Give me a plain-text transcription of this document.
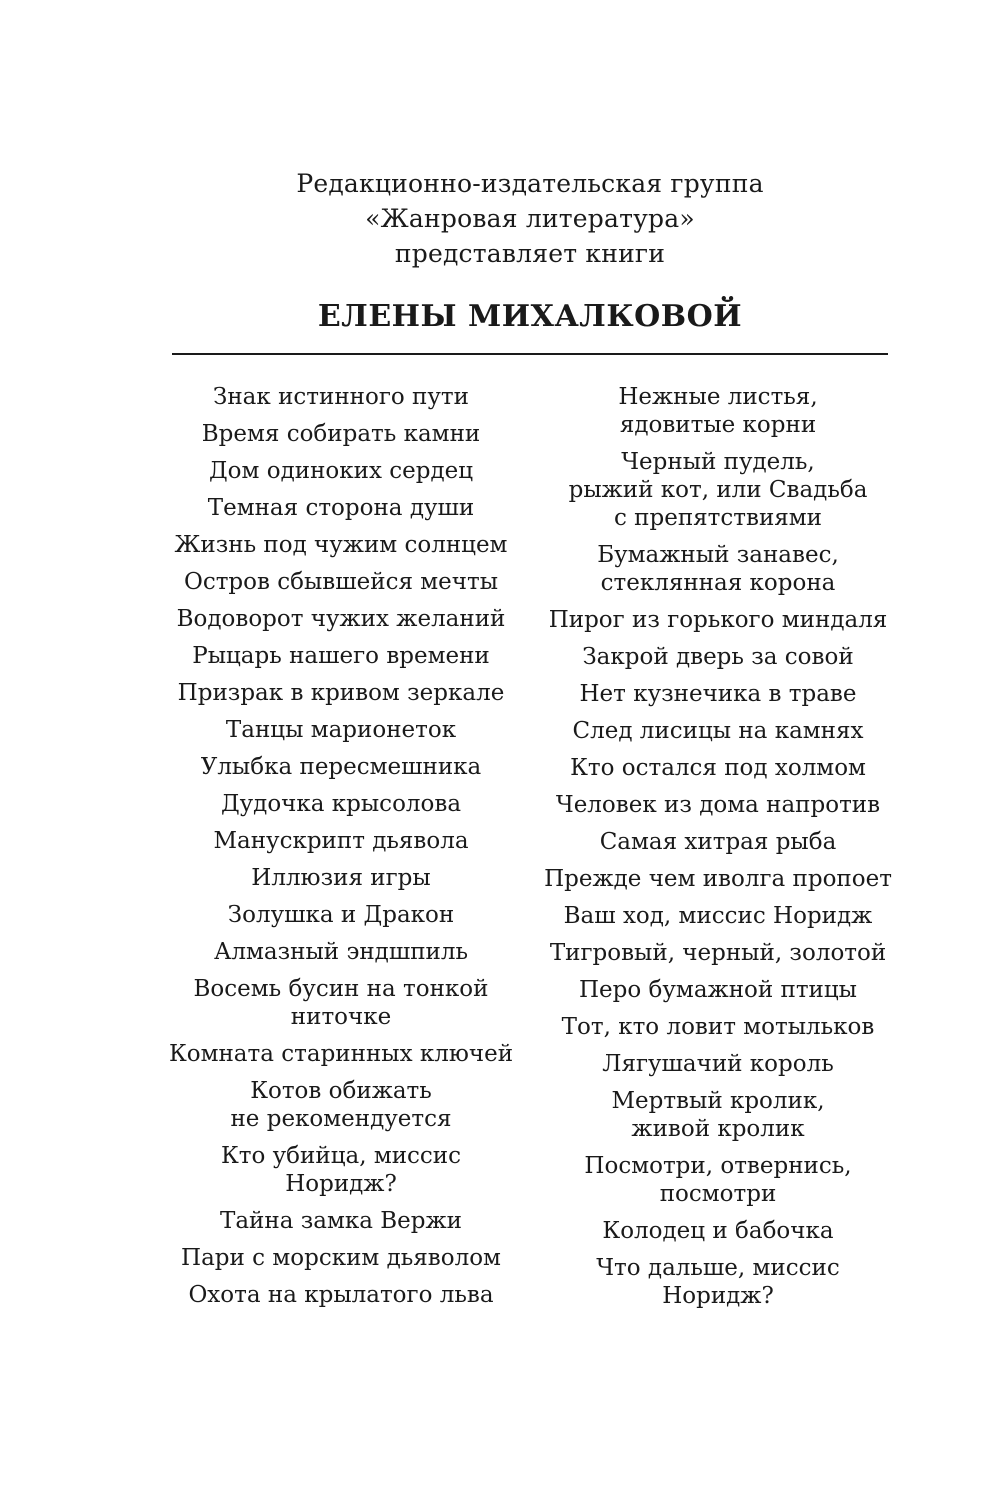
Редакционно-издательская группа
«Жанровая литература»
представляет книги
ЕЛЕНЫ МИХАЛКОВОЙ
Знак истинного пути
Время собирать камни
Дом одиноких сердец
Темная сторона души
Жизнь под чужим солнцем
Остров сбывшейся мечты
Водоворот чужих желаний
Рыцарь нашего времени
Призрак в кривом зеркале
Танцы марионеток
Улыбка пересмешника
Дудочка крысолова
Манускрипт дьявола
Иллюзия игры
Золушка и Дракон
Алмазный эндшпиль
Восемь бусин на тонкой
ниточке
Комната старинных ключей
Котов обижать
не рекомендуется
Кто убийца, миссис
Норидж?
Тайна замка Вержи
Пари с морским дьяволом
Охота на крылатого льва
Нежные листья,
ядовитые корни
Черный пудель,
рыжий кот, или Свадьба
с препятствиями
Бумажный занавес,
стеклянная корона
Пирог из горького миндаля
Закрой дверь за совой
Нет кузнечика в траве
След лисицы на камнях
Кто остался под холмом
Человек из дома напротив
Самая хитрая рыба
Прежде чем иволга пропоет
Ваш ход, миссис Норидж
Тигровый, черный, золотой
Перо бумажной птицы
Тот, кто ловит мотыльков
Лягушачий король
Мертвый кролик,
живой кролик
Посмотри, отвернись,
посмотри
Колодец и бабочка
Что дальше, миссис
Норидж?
